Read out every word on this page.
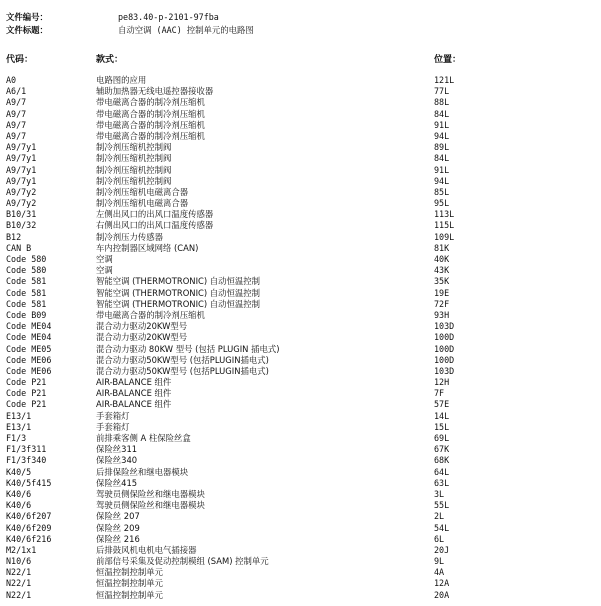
文件编号：	pe83.40-p-2101-97fba
文件标题：	自动空调 (AAC) 控制单元的电路图
代码：	款式：	位置：
A0	电路图的应用	121L
A6/1	辅助加热器无线电遥控器接收器	77L
A9/7	带电磁离合器的制冷剂压缩机	88L
A9/7	带电磁离合器的制冷剂压缩机	84L
A9/7	带电磁离合器的制冷剂压缩机	91L
A9/7	带电磁离合器的制冷剂压缩机	94L
A9/7y1	制冷剂压缩机控制阀	89L
A9/7y1	制冷剂压缩机控制阀	84L
A9/7y1	制冷剂压缩机控制阀	91L
A9/7y1	制冷剂压缩机控制阀	94L
A9/7y2	制冷剂压缩机电磁离合器	85L
A9/7y2	制冷剂压缩机电磁离合器	95L
B10/31	左侧出风口的出风口温度传感器	113L
B10/32	右侧出风口的出风口温度传感器	115L
B12	制冷剂压力传感器	109L
CAN B	车内控制器区域网络 (CAN)	81K
Code 580	空调	40K
Code 580	空调	43K
Code 581	智能空调 (THERMOTRONIC) 自动恒温控制	35K
Code 581	智能空调 (THERMOTRONIC) 自动恒温控制	19E
Code 581	智能空调 (THERMOTRONIC) 自动恒温控制	72F
Code B09	带电磁离合器的制冷剂压缩机	93H
Code ME04	混合动力驱动20KW型号	103D
Code ME04	混合动力驱动20KW型号	100D
Code ME05	混合动力驱动 80KW 型号 (包括 PLUGIN 插电式)	100D
Code ME06	混合动力驱动50KW型号 (包括PLUGIN插电式)	100D
Code ME06	混合动力驱动50KW型号 (包括PLUGIN插电式)	103D
Code P21	AIR-BALANCE 组件	12H
Code P21	AIR-BALANCE 组件	7F
Code P21	AIR-BALANCE 组件	57E
E13/1	手套箱灯	14L
E13/1	手套箱灯	15L
F1/3	前排乘客侧 A 柱保险丝盒	69L
F1/3f311	保险丝311	67K
F1/3f340	保险丝340	68K
K40/5	后排保险丝和继电器模块	64L
K40/5f415	保险丝415	63L
K40/6	驾驶员侧保险丝和继电器模块	3L
K40/6	驾驶员侧保险丝和继电器模块	55L
K40/6f207	保险丝 207	2L
K40/6f209	保险丝 209	54L
K40/6f216	保险丝 216	6L
M2/1x1	后排鼓风机电机电气插接器	20J
N10/6	前部信号采集及促动控制模组 (SAM) 控制单元	9L
N22/1	恒温控制控制单元	4A
N22/1	恒温控制控制单元	12A
N22/1	恒温控制控制单元	20A
